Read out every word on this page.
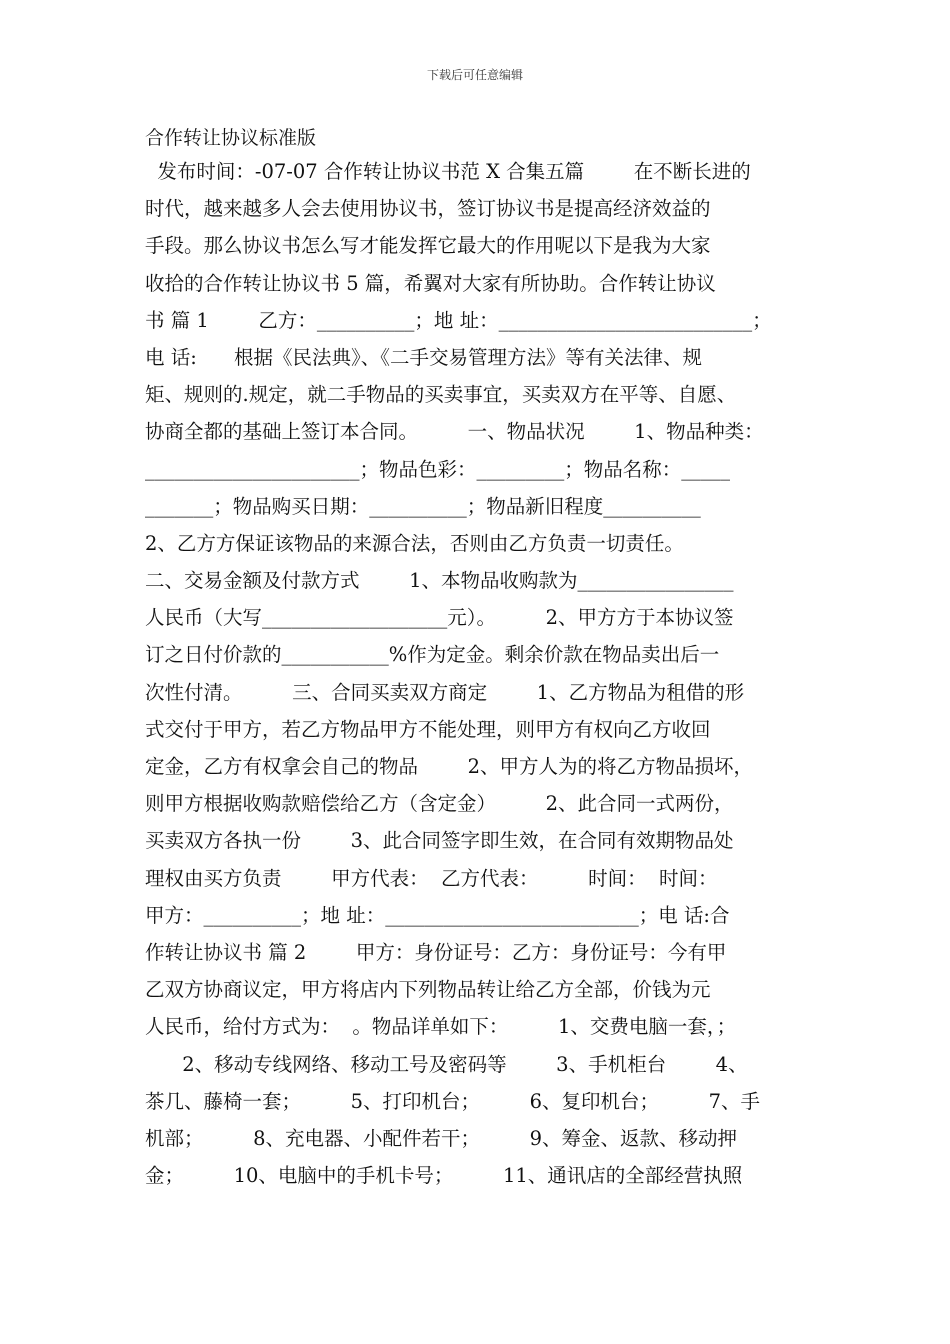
下载后可任意编辑
合作转让协议标准版
发布时间：-07-07 合作转让协议书范 X 合集五篇        在不断长进的
时代，越来越多人会去使用协议书，签订协议书是提高经济效益的
手段。那么协议书怎么写才能发挥它最大的作用呢以下是我为大家
收拾的合作转让协议书 5 篇，希翼对大家有所协助。合作转让协议
书 篇 1        乙方：__________；地 址：__________________________；
电 话:      根据《民法典》、《二手交易管理方法》等有关法律、规
矩、规则的.规定，就二手物品的买卖事宜，买卖双方在平等、自愿、
协商全都的基础上签订本合同。        一、物品状况        1、物品种类：
______________________；物品色彩：_________；物品名称：_____
_______；物品购买日期：__________；物品新旧程度__________
2、乙方方保证该物品的来源合法，否则由乙方负责一切责任。
二、交易金额及付款方式        1、本物品收购款为________________
人民币（大写___________________元）。        2、甲方方于本协议签
订之日付价款的___________%作为定金。剩余价款在物品卖出后一
次性付清。        三、合同买卖双方商定        1、乙方物品为租借的形
式交付于甲方，若乙方物品甲方不能处理，则甲方有权向乙方收回
定金，乙方有权拿会自己的物品        2、甲方人为的将乙方物品损坏，
则甲方根据收购款赔偿给乙方（含定金）        2、此合同一式两份，
买卖双方各执一份        3、此合同签字即生效，在合同有效期物品处
理权由买方负责        甲方代表：  乙方代表：        时间：  时间：
甲方：__________；地 址：__________________________；电 话:合
作转让协议书 篇 2        甲方：身份证号：乙方：身份证号：今有甲
乙双方协商议定，甲方将店内下列物品转让给乙方全部，价钱为元
人民币，给付方式为：  。物品详单如下：        1、交费电脑一套，；
2、移动专线网络、移动工号及密码等        3、手机柜台        4、
茶几、藤椅一套；        5、打印机台；        6、复印机台；        7、手
机部；        8、充电器、小配件若干；        9、筹金、返款、移动押
金；        10、电脑中的手机卡号；        11、通讯店的全部经营执照
